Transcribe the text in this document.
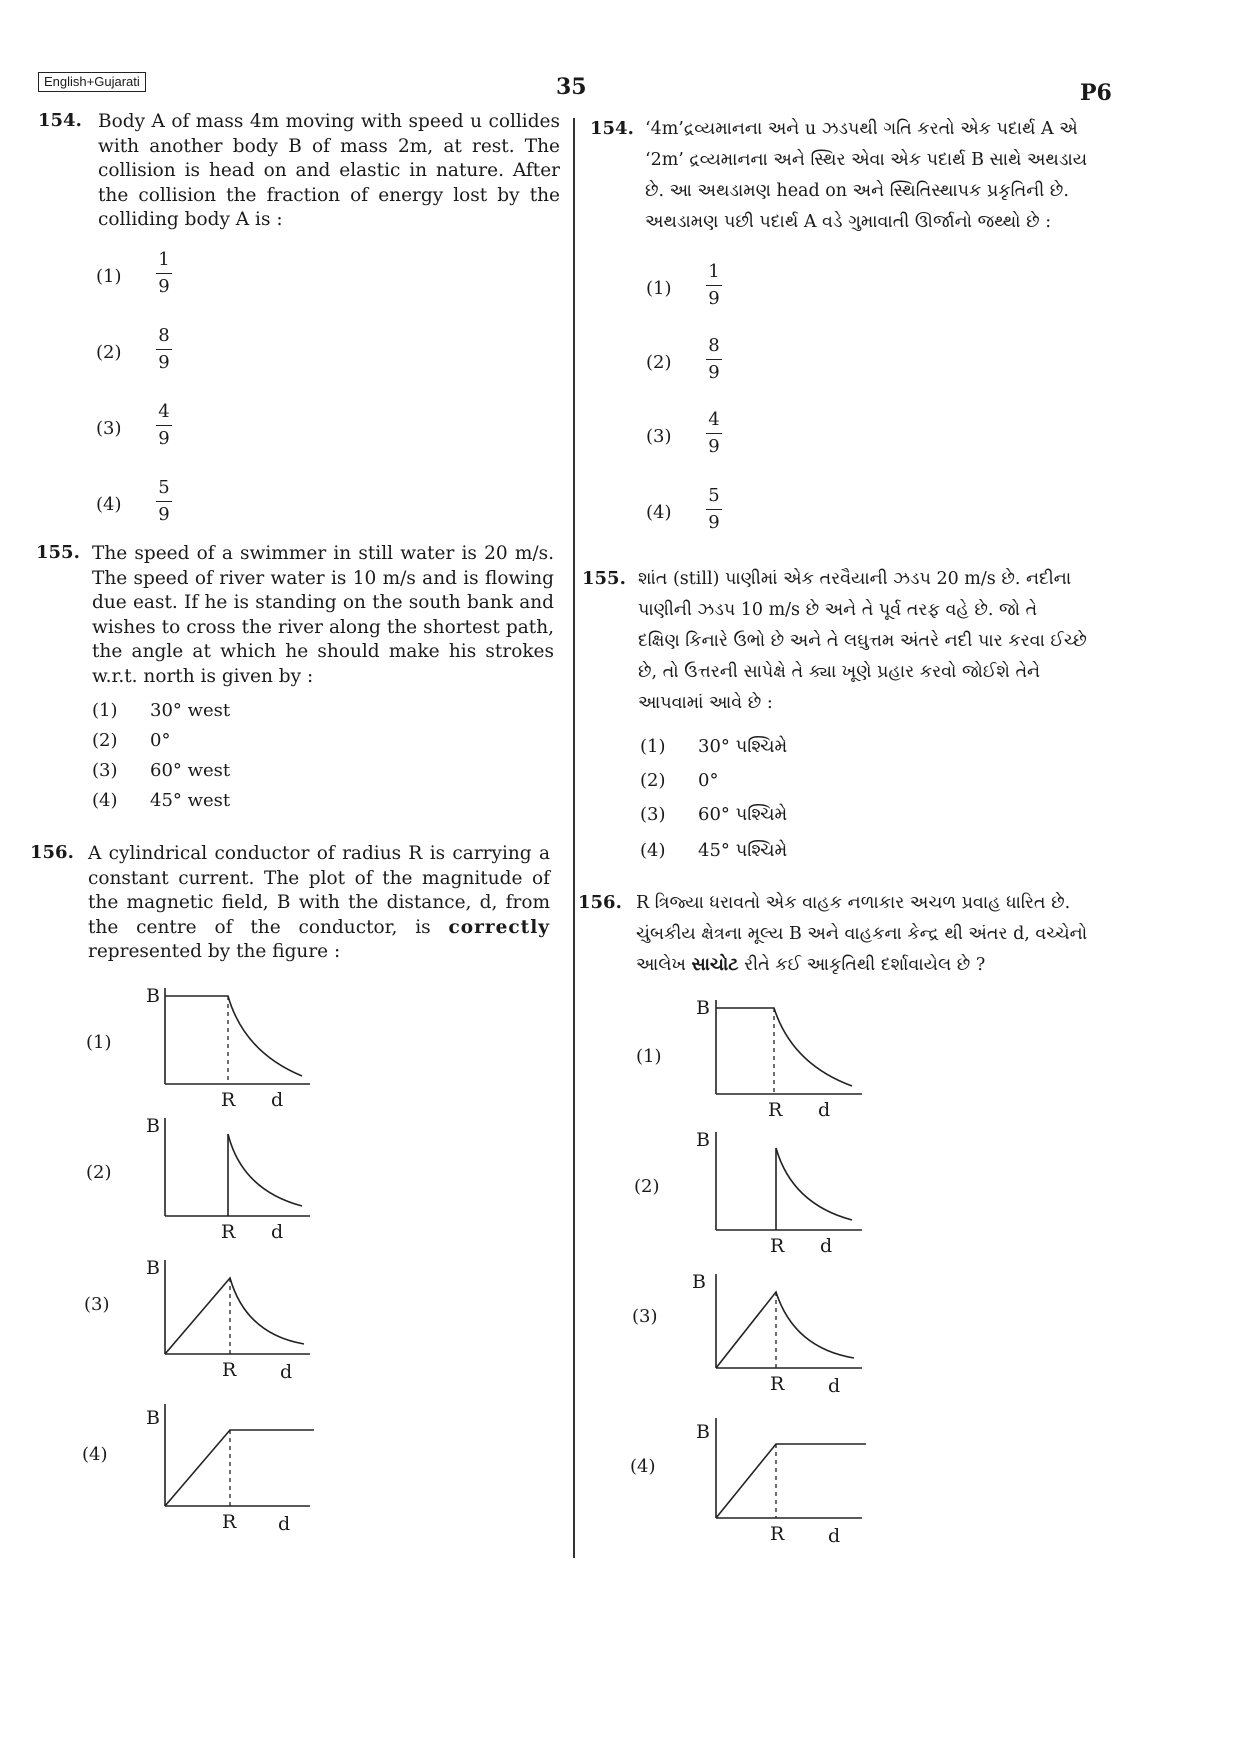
English+Gujarati	35	P6
154. Body A of mass 4m moving with speed u collides with another body B of mass 2m, at rest. The collision is head on and elastic in nature. After the collision the fraction of energy lost by the colliding body A is :
(1)
1
9
(2)
8
9
(3)
4
9
(4)
5
9
155. The speed of a swimmer in still water is 20 m/s. The speed of river water is 10 m/s and is flowing due east. If he is standing on the south bank and wishes to cross the river along the shortest path, the angle at which he should make his strokes w.r.t. north is given by :
(1) 30° west
(2) 0°
(3) 60° west
(4) 45° west
156. A cylindrical conductor of radius R is carrying a constant current. The plot of the magnitude of the magnetic field, B with the distance, d, from the centre of the conductor, is correctly represented by the figure :
(1)
(2)
(3)
(4)
B
R d
B
R d
B
R d
B
R d
154. ‘4m’દ્રવ્યમાનના અને u ઝડપથી ગતિ કરતો એક પદાર્થ A એ
‘2m’ દ્રવ્યમાનના અને સ્થિર એવા એક પદાર્થ B સાથે અથડાય
છે. આ અથડામણ head on અને સ્થિતિસ્થાપક પ્રકૃતિની છે.
અથડામણ પછી પદાર્થ A વડે ગુમાવાતી ઊર્જાનો જથ્થો છે :
(1)
1
9
(2)
8
9
(3)
4
9
(4)
5
9
155. શાંત (still) પાણીમાં એક તરવૈયાની ઝડપ 20 m/s છે. નદીના
પાણીની ઝડપ 10 m/s છે અને તે પૂર્વ તરફ વહે છે. જો તે
દક્ષિણ કિનારે ઉભો છે અને તે લઘુત્તમ અંતરે નદી પાર કરવા ઈચ્છે
છે, તો ઉત્તરની સાપેક્ષે તે ક્યા ખૂણે પ્રહાર કરવો જોઈશે તેને
આપવામાં આવે છે :
(1) 30° પશ્ચિમે
(2) 0°
(3) 60° પશ્ચિમે
(4) 45° પશ્ચિમે
156. R ત્રિજ્યા ધરાવતો એક વાહક નળાકાર અચળ પ્રવાહ ધારિત છે.
ચુંબકીય ક્ષેત્રના મૂલ્ય B અને વાહકના કેન્દ્ર થી અંતર d, વચ્ચેનો
આલેખ સાચોટ રીતે કઈ આકૃતિથી દર્શાવાયેલ છે ?
(1)
(2)
(3)
(4)
B
R d
B
R d
B
R d
B
R d
